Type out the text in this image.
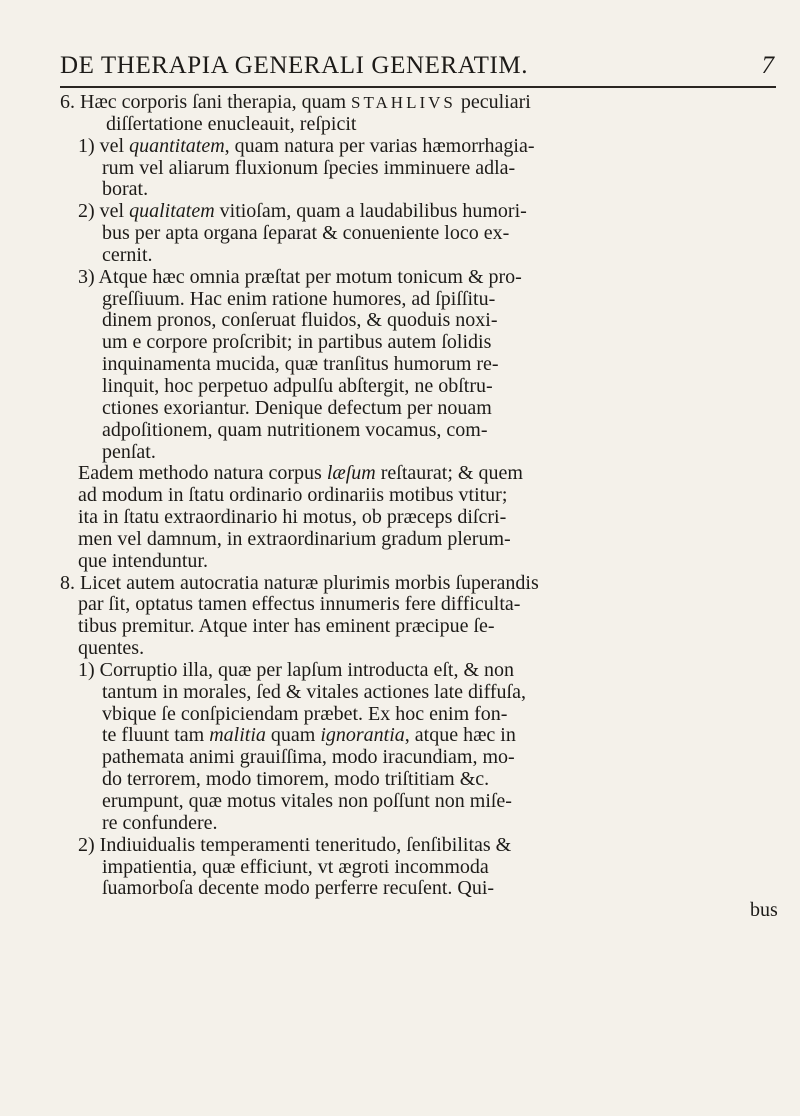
DE THERAPIA GENERALI GENERATIM.	7
6. Hæc corporis ſani therapia, quam STAHLIVS peculiari
diſſertatione enucleauit, reſpicit
1) vel quantitatem, quam natura per varias hæmorrhagia-
rum vel aliarum fluxionum ſpecies imminuere adla-
borat.
2) vel qualitatem vitioſam, quam a laudabilibus humori-
bus per apta organa ſeparat & conueniente loco ex-
cernit.
3) Atque hæc omnia præſtat per motum tonicum & pro-
greſſiuum. Hac enim ratione humores, ad ſpiſſitu-
dinem pronos, conſeruat fluidos, & quoduis noxi-
um e corpore proſcribit; in partibus autem ſolidis
inquinamenta mucida, quæ tranſitus humorum re-
linquit, hoc perpetuo adpulſu abſtergit, ne obſtru-
ctiones exoriantur. Denique defectum per nouam
adpoſitionem, quam nutritionem vocamus, com-
penſat.
Eadem methodo natura corpus læſum reſtaurat; & quem
ad modum in ſtatu ordinario ordinariis motibus vtitur;
ita in ſtatu extraordinario hi motus, ob præceps diſcri-
men vel damnum, in extraordinarium gradum plerum-
que intenduntur.
8. Licet autem autocratia naturæ plurimis morbis ſuperandis
par ſit, optatus tamen effectus innumeris fere difficulta-
tibus premitur. Atque inter has eminent præcipue ſe-
quentes.
1) Corruptio illa, quæ per lapſum introducta eſt, & non
tantum in morales, ſed & vitales actiones late diffuſa,
vbique ſe conſpiciendam præbet. Ex hoc enim fon-
te fluunt tam malitia quam ignorantia, atque hæc in
pathemata animi grauiſſima, modo iracundiam, mo-
do terrorem, modo timorem, modo triſtitiam &c.
erumpunt, quæ motus vitales non poſſunt non miſe-
re confundere.
2) Indiuidualis temperamenti teneritudo, ſenſibilitas &
impatientia, quæ efficiunt, vt ægroti incommoda
ſuamorboſa decente modo perferre recuſent. Qui-
bus
